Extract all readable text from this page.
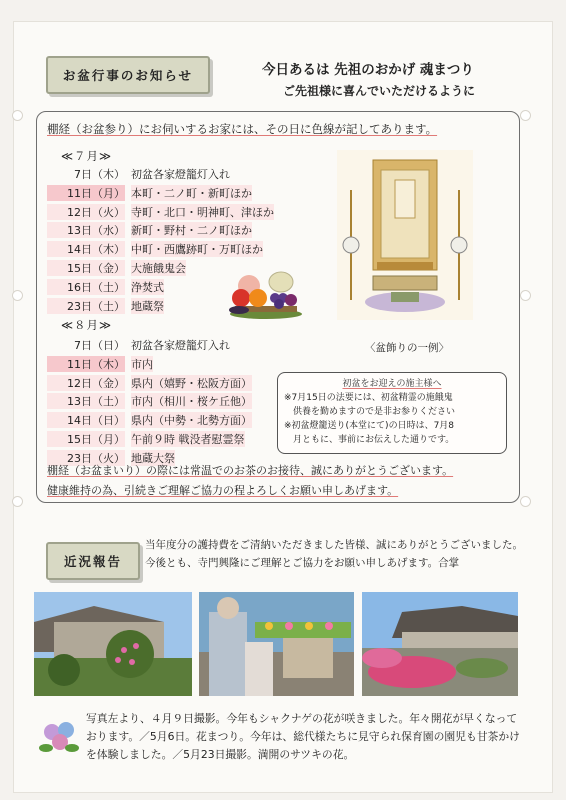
お盆行事のお知らせ	今日あるは 先祖のおかげ 魂まつり
ご先祖様に喜んでいただけるように
棚経（お盆参り）にお伺いするお家には、その日に色線が記してあります。
≪７月≫
7日（木） 初盆各家燈籠灯入れ
11日（月） 本町・二ノ町・新町ほか
12日（火） 寺町・北口・明神町、津ほか
13日（水） 新町・野村・二ノ町ほか
14日（木） 中町・西鷹跡町・万町ほか
15日（金） 大施餓鬼会
16日（土） 浄焚式
23日（土） 地蔵祭
≪８月≫
7日（日） 初盆各家燈籠灯入れ
11日（木） 市内
12日（金） 県内（嬉野・松阪方面）
13日（土） 市内（相川・桜ケ丘他）
14日（日） 県内（中勢・北勢方面）
15日（月） 午前９時 戦没者慰霊祭
23日（火） 地蔵大祭
〈盆飾りの一例〉
初盆をお迎えの施主様へ
※7月15日の法要には、初盆精霊の施餓鬼
　供養を勤めますので是非お参りください
※初盆燈籠送り(本堂にて)の日時は、7月8
　月ともに、事前にお伝えした通りです。
棚経（お盆まいり）の際には常温でのお茶のお接待、誠にありがとうございます。
健康維持の為、引続きご理解ご協力の程よろしくお願い申しあげます。
近況報告
当年度分の護持費をご清納いただきました皆様、誠にありがとうございました。今後とも、寺門興隆にご理解とご協力をお願い申しあげます。合掌
写真左より、４月９日撮影。今年もシャクナゲの花が咲きました。年々開花が早くなっております。／5月6日。花まつり。今年は、総代様たちに見守られ保育園の園児も甘茶かけを体験しました。／5月23日撮影。満開のサツキの花。
